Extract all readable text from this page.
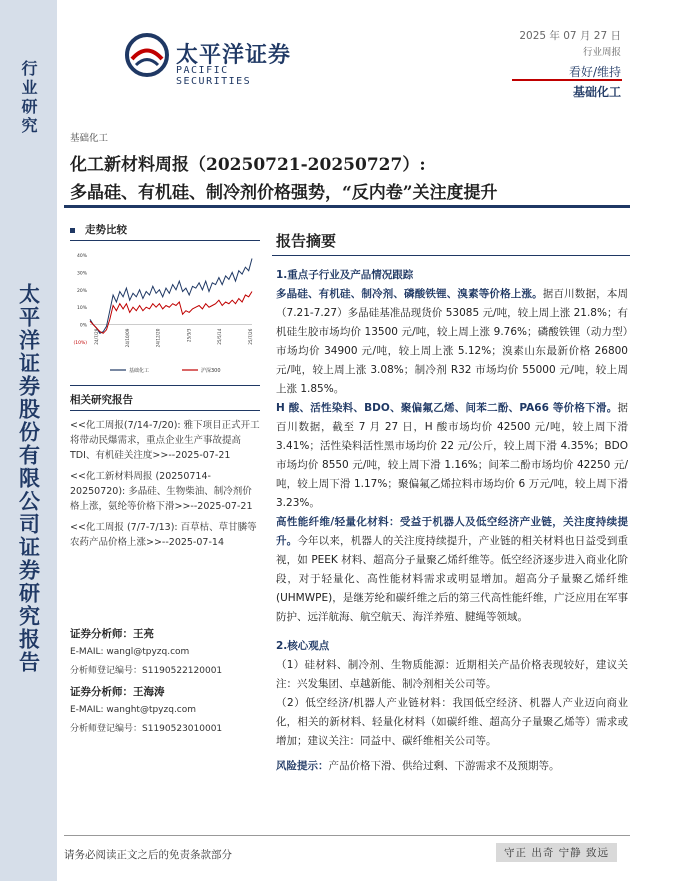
行业研究
太平洋证券股份有限公司证券研究报告
太平洋证券
PACIFIC SECURITIES
2025 年 07 月 27 日
行业周报
看好/维持
基础化工
基础化工
化工新材料周报（20250721-20250727）:
多晶硅、有机硅、制冷剂价格强势，“反内卷”关注度提升
走势比较
40%
30%
20%
10%
0%
(10%) 24/7/29	24/10/09	24/12/20	25/3/3	25/5/14	25/7/26
基础化工	沪深300
相关研究报告
<<化工周报(7/14-7/20): 雅下项目正式开工将带动民爆需求，重点企业生产事故提高 TDI、有机硅关注度>>--2025-07-21
<<化工新材料周报 (20250714-20250720): 多晶硅、生物柴油、制冷剂价格上涨，氨纶等价格下滑>>--2025-07-21
<<化工周报 (7/7-7/13): 百草枯、草甘膦等农药产品价格上涨>>--2025-07-14
证券分析师：王亮
E-MAIL: wangl@tpyzq.com
分析师登记编号：S1190522120001
证券分析师：王海涛
E-MAIL: wanght@tpyzq.com
分析师登记编号：S1190523010001
报告摘要

1.重点子行业及产品情况跟踪

多晶硅、有机硅、制冷剂、磷酸铁锂、溴素等价格上涨。据百川数据，本周（7.21-7.27）多晶硅基准品现货价 53085 元/吨，较上周上涨 21.8%；有机硅生胶市场均价 13500 元/吨，较上周上涨 9.76%；磷酸铁锂（动力型）市场均价 34900 元/吨，较上周上涨 5.12%；溴素山东最新价格 26800 元/吨，较上周上涨 3.08%；制冷剂 R32 市场均价 55000 元/吨，较上周上涨 1.85%。

H 酸、活性染料、BDO、聚偏氟乙烯、间苯二酚、PA66 等价格下滑。据百川数据，截至 7 月 27 日，H 酸市场均价 42500 元/吨，较上周下滑 3.41%；活性染料活性黑市场均价 22 元/公斤，较上周下滑 4.35%；BDO 市场均价 8550 元/吨，较上周下滑 1.16%；间苯二酚市场均价 42250 元/吨，较上周下滑 1.17%；聚偏氟乙烯拉料市场均价 6 万元/吨，较上周下滑 3.23%。

高性能纤维/轻量化材料：受益于机器人及低空经济产业链，关注度持续提升。今年以来，机器人的关注度持续提升，产业链的相关材料也日益受到重视，如 PEEK 材料、超高分子量聚乙烯纤维等。低空经济逐步进入商业化阶段，对于轻量化、高性能材料需求或明显增加。超高分子量聚乙烯纤维(UHMWPE)，是继芳纶和碳纤维之后的第三代高性能纤维，广泛应用在军事防护、远洋航海、航空航天、海洋养殖、腱绳等领域。

2.核心观点

（1）硅材料、制冷剂、生物质能源：近期相关产品价格表现较好，建议关注：兴发集团、卓越新能、制冷剂相关公司等。

（2）低空经济/机器人产业链材料：我国低空经济、机器人产业迈向商业化，相关的新材料、轻量化材料（如碳纤维、超高分子量聚乙烯等）需求或增加；建议关注：同益中、碳纤维相关公司等。

风险提示：产品价格下滑、供给过剩、下游需求不及预期等。

请务必阅读正文之后的免责条款部分	守正 出奇 宁静 致远
